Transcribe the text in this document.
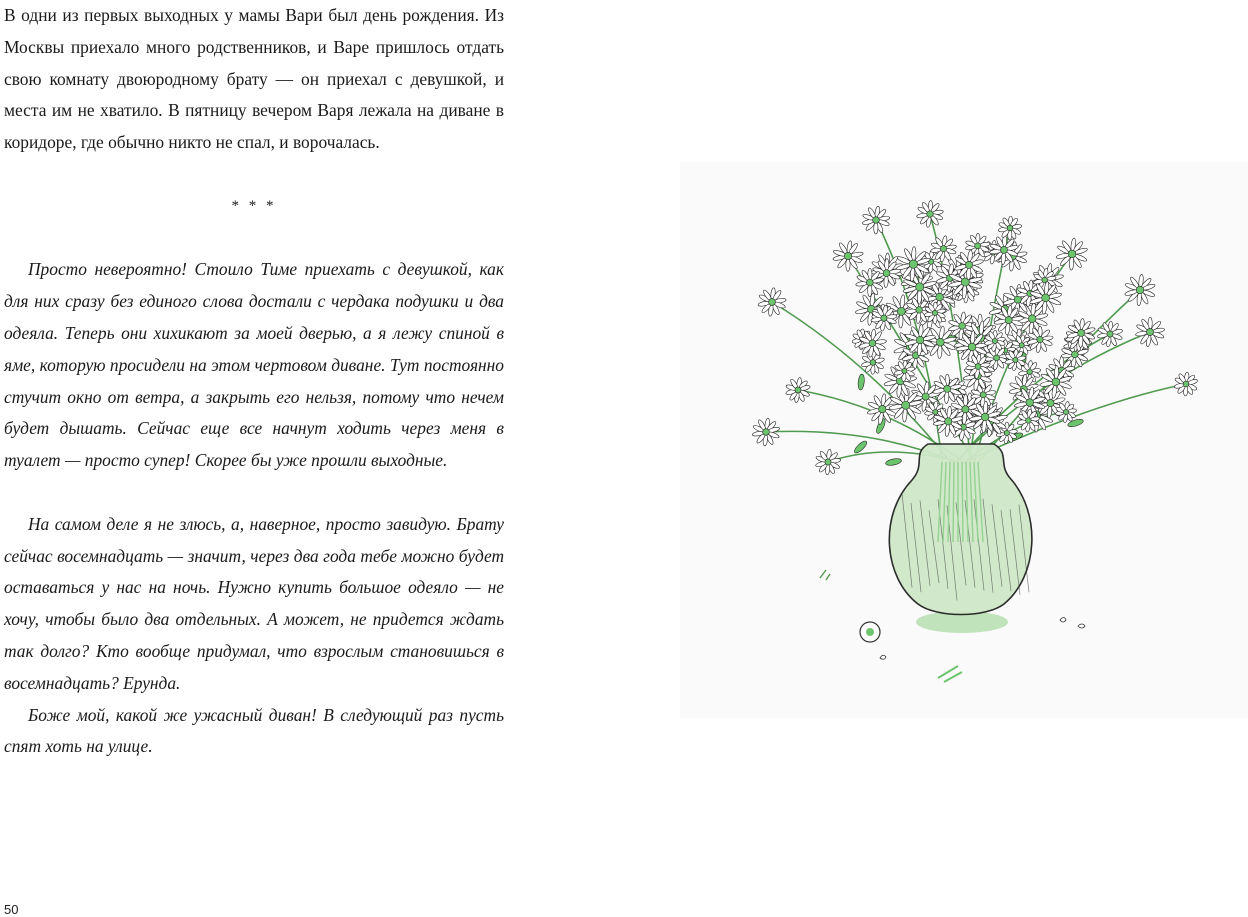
В одни из первых выходных у мамы Вари был день рождения. Из Москвы приехало много родственников, и Варе пришлось отдать свою комнату двоюродному брату — он приехал с девушкой, и места им не хватило. В пятницу вечером Варя лежала на диване в коридоре, где обычно никто не спал, и ворочалась.

* * *

Просто невероятно! Стоило Тиме приехать с девушкой, как для них сразу без единого слова достали с чердака подушки и два одеяла. Теперь они хихикают за моей дверью, а я лежу спиной в яме, которую просидели на этом чертовом диване. Тут постоянно стучит окно от ветра, а закрыть его нельзя, потому что нечем будет дышать. Сейчас еще все начнут ходить через меня в туалет — просто супер! Скорее бы уже прошли выходные.

На самом деле я не злюсь, а, наверное, просто завидую. Брату сейчас восемнадцать — значит, через два года тебе можно будет оставаться у нас на ночь. Нужно купить большое одеяло — не хочу, чтобы было два отдельных. А может, не придется ждать так долго? Кто вообще придумал, что взрослым становишься в восемнадцать? Ерунда.

Боже мой, какой же ужасный диван! В следующий раз пусть спят хоть на улице.

50
